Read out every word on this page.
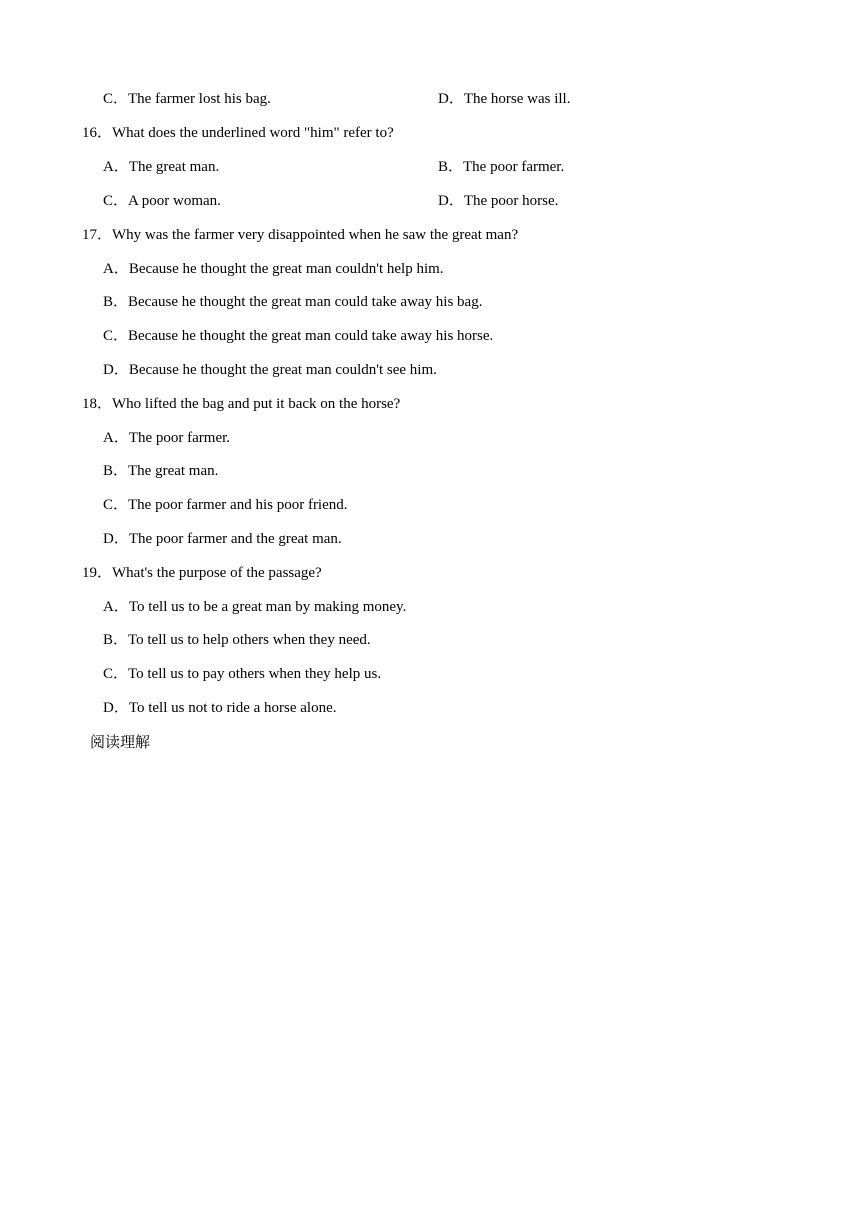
C．The farmer lost his bag.	D．The horse was ill.
16．What does the underlined word "him" refer to?
A．The great man.	B．The poor farmer.
C．A poor woman.	D．The poor horse.
17．Why was the farmer very disappointed when he saw the great man?
A．Because he thought the great man couldn't help him.
B．Because he thought the great man could take away his bag.
C．Because he thought the great man could take away his horse.
D．Because he thought the great man couldn't see him.
18．Who lifted the bag and put it back on the horse?
A．The poor farmer.
B．The great man.
C．The poor farmer and his poor friend.
D．The poor farmer and the great man.
19．What's the purpose of the passage?
A．To tell us to be a great man by making money.
B．To tell us to help others when they need.
C．To tell us to pay others when they help us.
D．To tell us not to ride a horse alone.
阅读理解
